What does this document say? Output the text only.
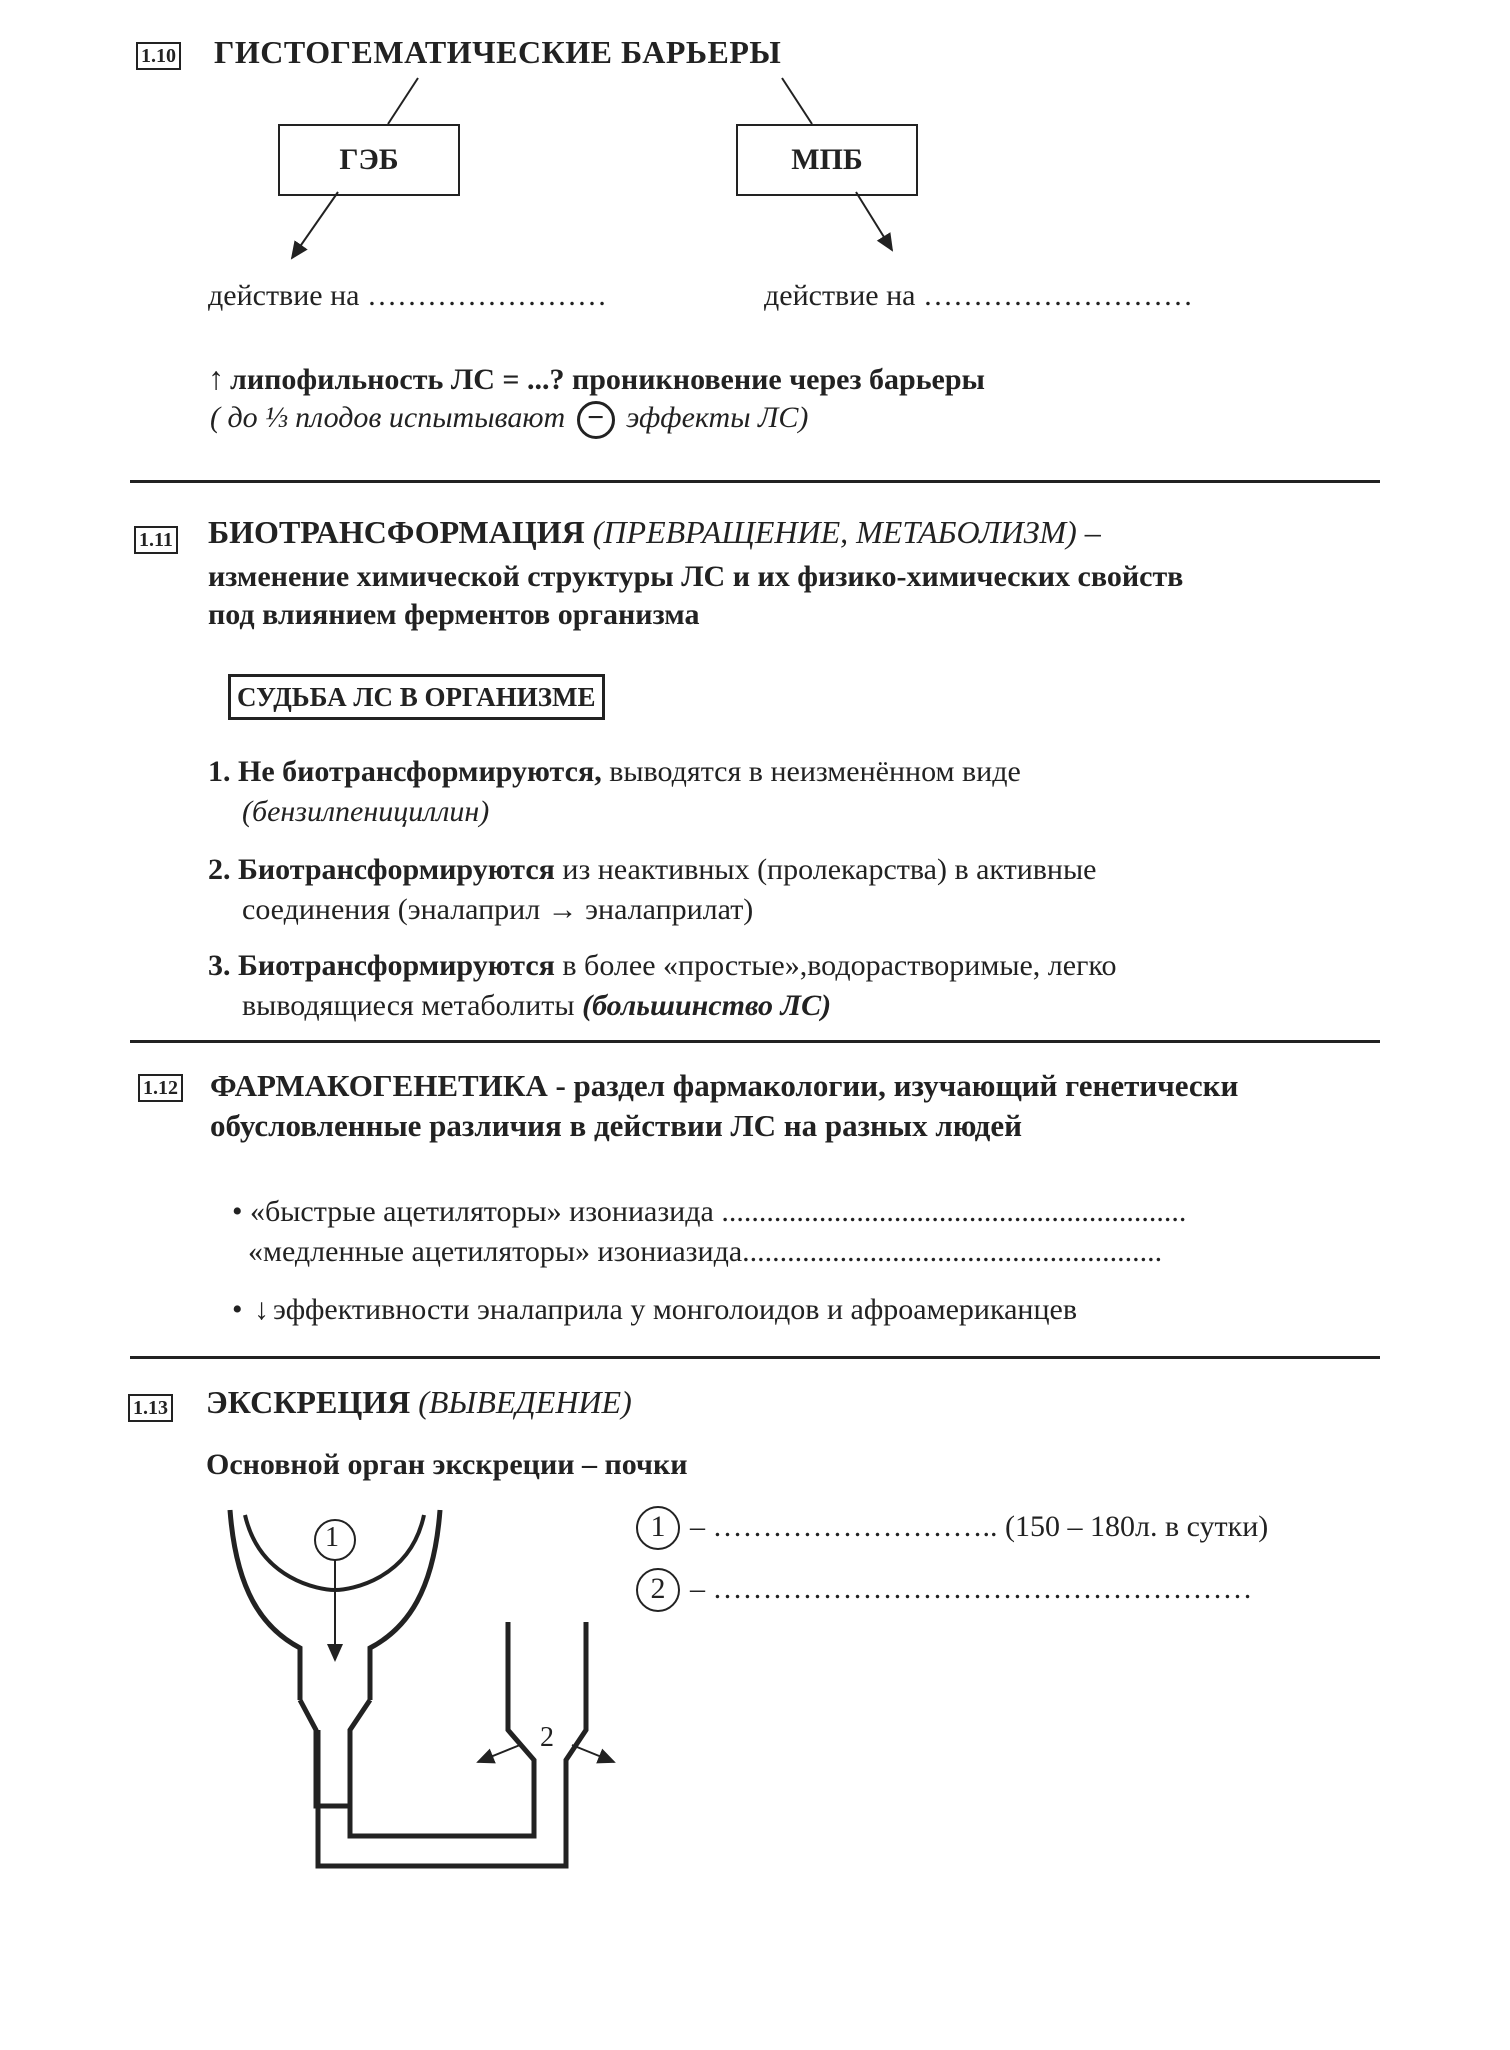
1.10 ГИСТОГЕМАТИЧЕСКИЕ БАРЬЕРЫ
ГЭБ	МПБ
действие на ……………………	действие на ………………………
↑ липофильность ЛС = ...? проникновение через барьеры
( до ⅓ плодов испытывают − эффекты ЛС)
1.11 БИОТРАНСФОРМАЦИЯ (ПРЕВРАЩЕНИЕ, МЕТАБОЛИЗМ) –
изменение химической структуры ЛС и их физико-химических свойств
под влиянием ферментов организма
СУДЬБА ЛС В ОРГАНИЗМЕ
1. Не биотрансформируются, выводятся в неизменённом виде
(бензилпенициллин)
2. Биотрансформируются из неактивных (пролекарства) в активные
соединения (эналаприл → эналаприлат)
3. Биотрансформируются в более «простые»,водорастворимые, легко
выводящиеся метаболиты (большинство ЛС)
1.12 ФАРМАКОГЕНЕТИКА - раздел фармакологии, изучающий генетически
обусловленные различия в действии ЛС на разных людей
• «быстрые ацетиляторы» изониазида ..............................................................
«медленные ацетиляторы» изониазида........................................................
• ↓ эффективности эналаприла у монголоидов и афроамериканцев
1.13 ЭКСКРЕЦИЯ (ВЫВЕДЕНИЕ)
Основной орган экскреции – почки
1 – ……………………….. (150 – 180л. в сутки)
2 – ………………………………………………
1
2
